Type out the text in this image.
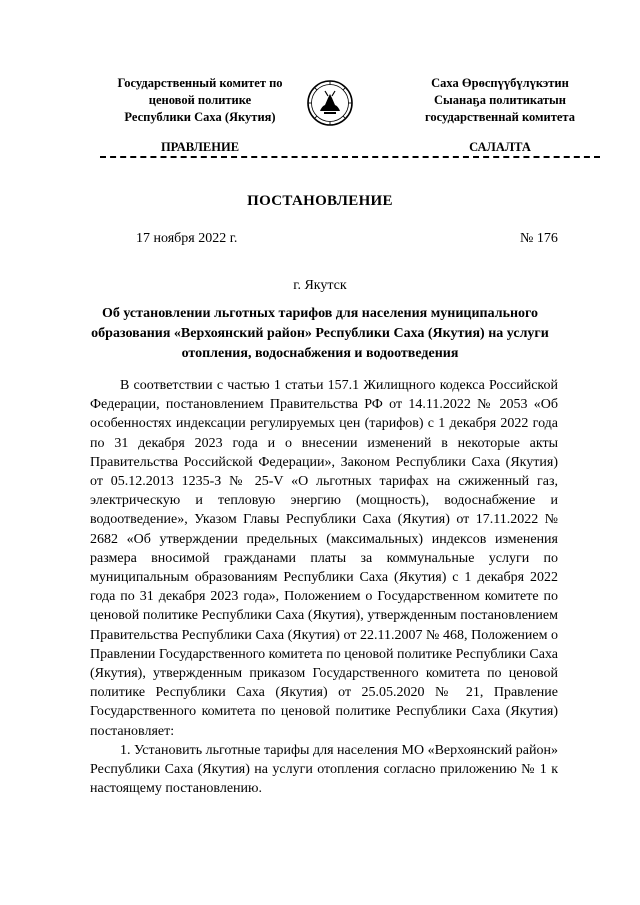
Государственный комитет по
ценовой политике
Республики Саха (Якутия)
Саха Өрөспүүбүлүкэтин
Сыанаҕа политикатын
государственнай комитета
ПРАВЛЕНИЕ	САЛАЛТА
ПОСТАНОВЛЕНИЕ
17 ноября 2022 г.	№ 176
г. Якутск
Об установлении льготных тарифов для населения муниципального образования «Верхоянский район» Республики Саха (Якутия) на услуги отопления, водоснабжения и водоотведения

В соответствии с частью 1 статьи 157.1 Жилищного кодекса Российской Федерации, постановлением Правительства РФ от 14.11.2022 № 2053 «Об особенностях индексации регулируемых цен (тарифов) с 1 декабря 2022 года по 31 декабря 2023 года и о внесении изменений в некоторые акты Правительства Российской Федерации», Законом Республики Саха (Якутия) от 05.12.2013 1235-З № 25-V «О льготных тарифах на сжиженный газ, электрическую и тепловую энергию (мощность), водоснабжение и водоотведение», Указом Главы Республики Саха (Якутия) от 17.11.2022 № 2682 «Об утверждении предельных (максимальных) индексов изменения размера вносимой гражданами платы за коммунальные услуги по муниципальным образованиям Республики Саха (Якутия) с 1 декабря 2022 года по 31 декабря 2023 года», Положением о Государственном комитете по ценовой политике Республики Саха (Якутия), утвержденным постановлением Правительства Республики Саха (Якутия) от 22.11.2007 № 468, Положением о Правлении Государственного комитета по ценовой политике Республики Саха (Якутия), утвержденным приказом Государственного комитета по ценовой политике Республики Саха (Якутия) от 25.05.2020 № 21, Правление Государственного комитета по ценовой политике Республики Саха (Якутия) постановляет:

1. Установить льготные тарифы для населения МО «Верхоянский район» Республики Саха (Якутия) на услуги отопления согласно приложению № 1 к настоящему постановлению.
